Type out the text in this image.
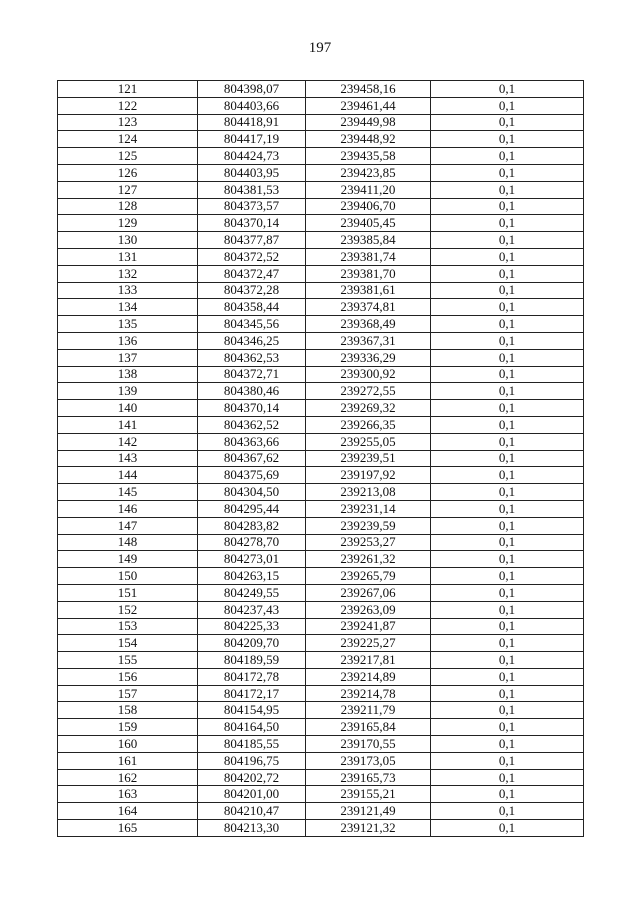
197
121	804398,07	239458,16	0,1
122	804403,66	239461,44	0,1
123	804418,91	239449,98	0,1
124	804417,19	239448,92	0,1
125	804424,73	239435,58	0,1
126	804403,95	239423,85	0,1
127	804381,53	239411,20	0,1
128	804373,57	239406,70	0,1
129	804370,14	239405,45	0,1
130	804377,87	239385,84	0,1
131	804372,52	239381,74	0,1
132	804372,47	239381,70	0,1
133	804372,28	239381,61	0,1
134	804358,44	239374,81	0,1
135	804345,56	239368,49	0,1
136	804346,25	239367,31	0,1
137	804362,53	239336,29	0,1
138	804372,71	239300,92	0,1
139	804380,46	239272,55	0,1
140	804370,14	239269,32	0,1
141	804362,52	239266,35	0,1
142	804363,66	239255,05	0,1
143	804367,62	239239,51	0,1
144	804375,69	239197,92	0,1
145	804304,50	239213,08	0,1
146	804295,44	239231,14	0,1
147	804283,82	239239,59	0,1
148	804278,70	239253,27	0,1
149	804273,01	239261,32	0,1
150	804263,15	239265,79	0,1
151	804249,55	239267,06	0,1
152	804237,43	239263,09	0,1
153	804225,33	239241,87	0,1
154	804209,70	239225,27	0,1
155	804189,59	239217,81	0,1
156	804172,78	239214,89	0,1
157	804172,17	239214,78	0,1
158	804154,95	239211,79	0,1
159	804164,50	239165,84	0,1
160	804185,55	239170,55	0,1
161	804196,75	239173,05	0,1
162	804202,72	239165,73	0,1
163	804201,00	239155,21	0,1
164	804210,47	239121,49	0,1
165	804213,30	239121,32	0,1
